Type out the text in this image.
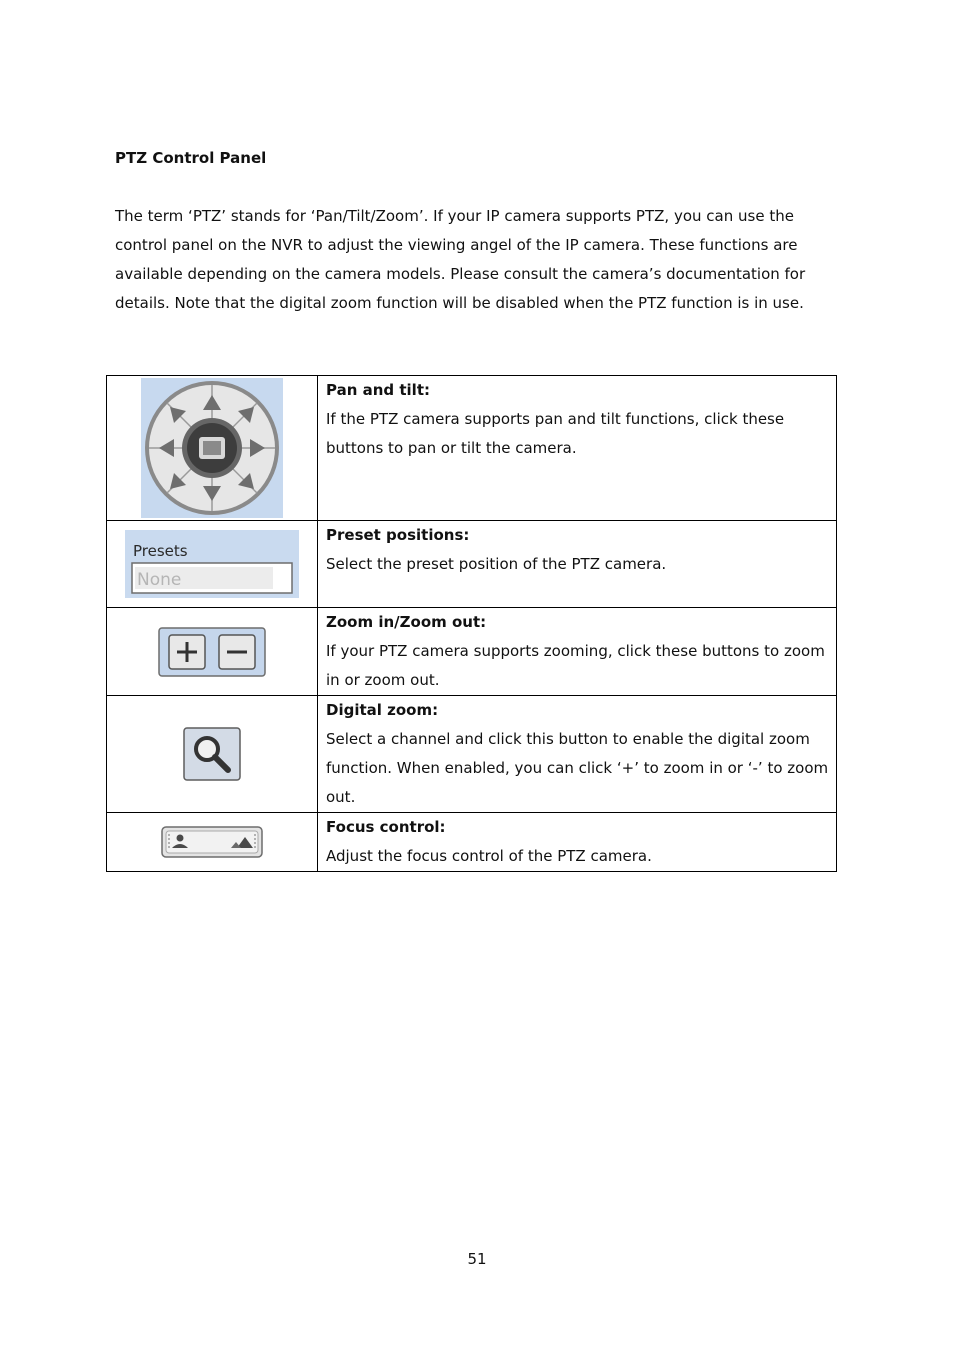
PTZ Control Panel

The term ‘PTZ’ stands for ‘Pan/Tilt/Zoom’. If your IP camera supports PTZ, you can use the control panel on the NVR to adjust the viewing angel of the IP camera. These functions are available depending on the camera models. Please consult the camera’s documentation for details. Note that the digital zoom function will be disabled when the PTZ function is in use.

Pan and tilt:
If the PTZ camera supports pan and tilt functions, click these buttons to pan or tilt the camera.

Presets
None	Preset positions:
Select the preset position of the PTZ camera.

Zoom in/Zoom out:
If your PTZ camera supports zooming, click these buttons to zoom in or zoom out.

Digital zoom:
Select a channel and click this button to enable the digital zoom function. When enabled, you can click ‘+’ to zoom in or ‘-’ to zoom out.

Focus control:
Adjust the focus control of the PTZ camera.

51
